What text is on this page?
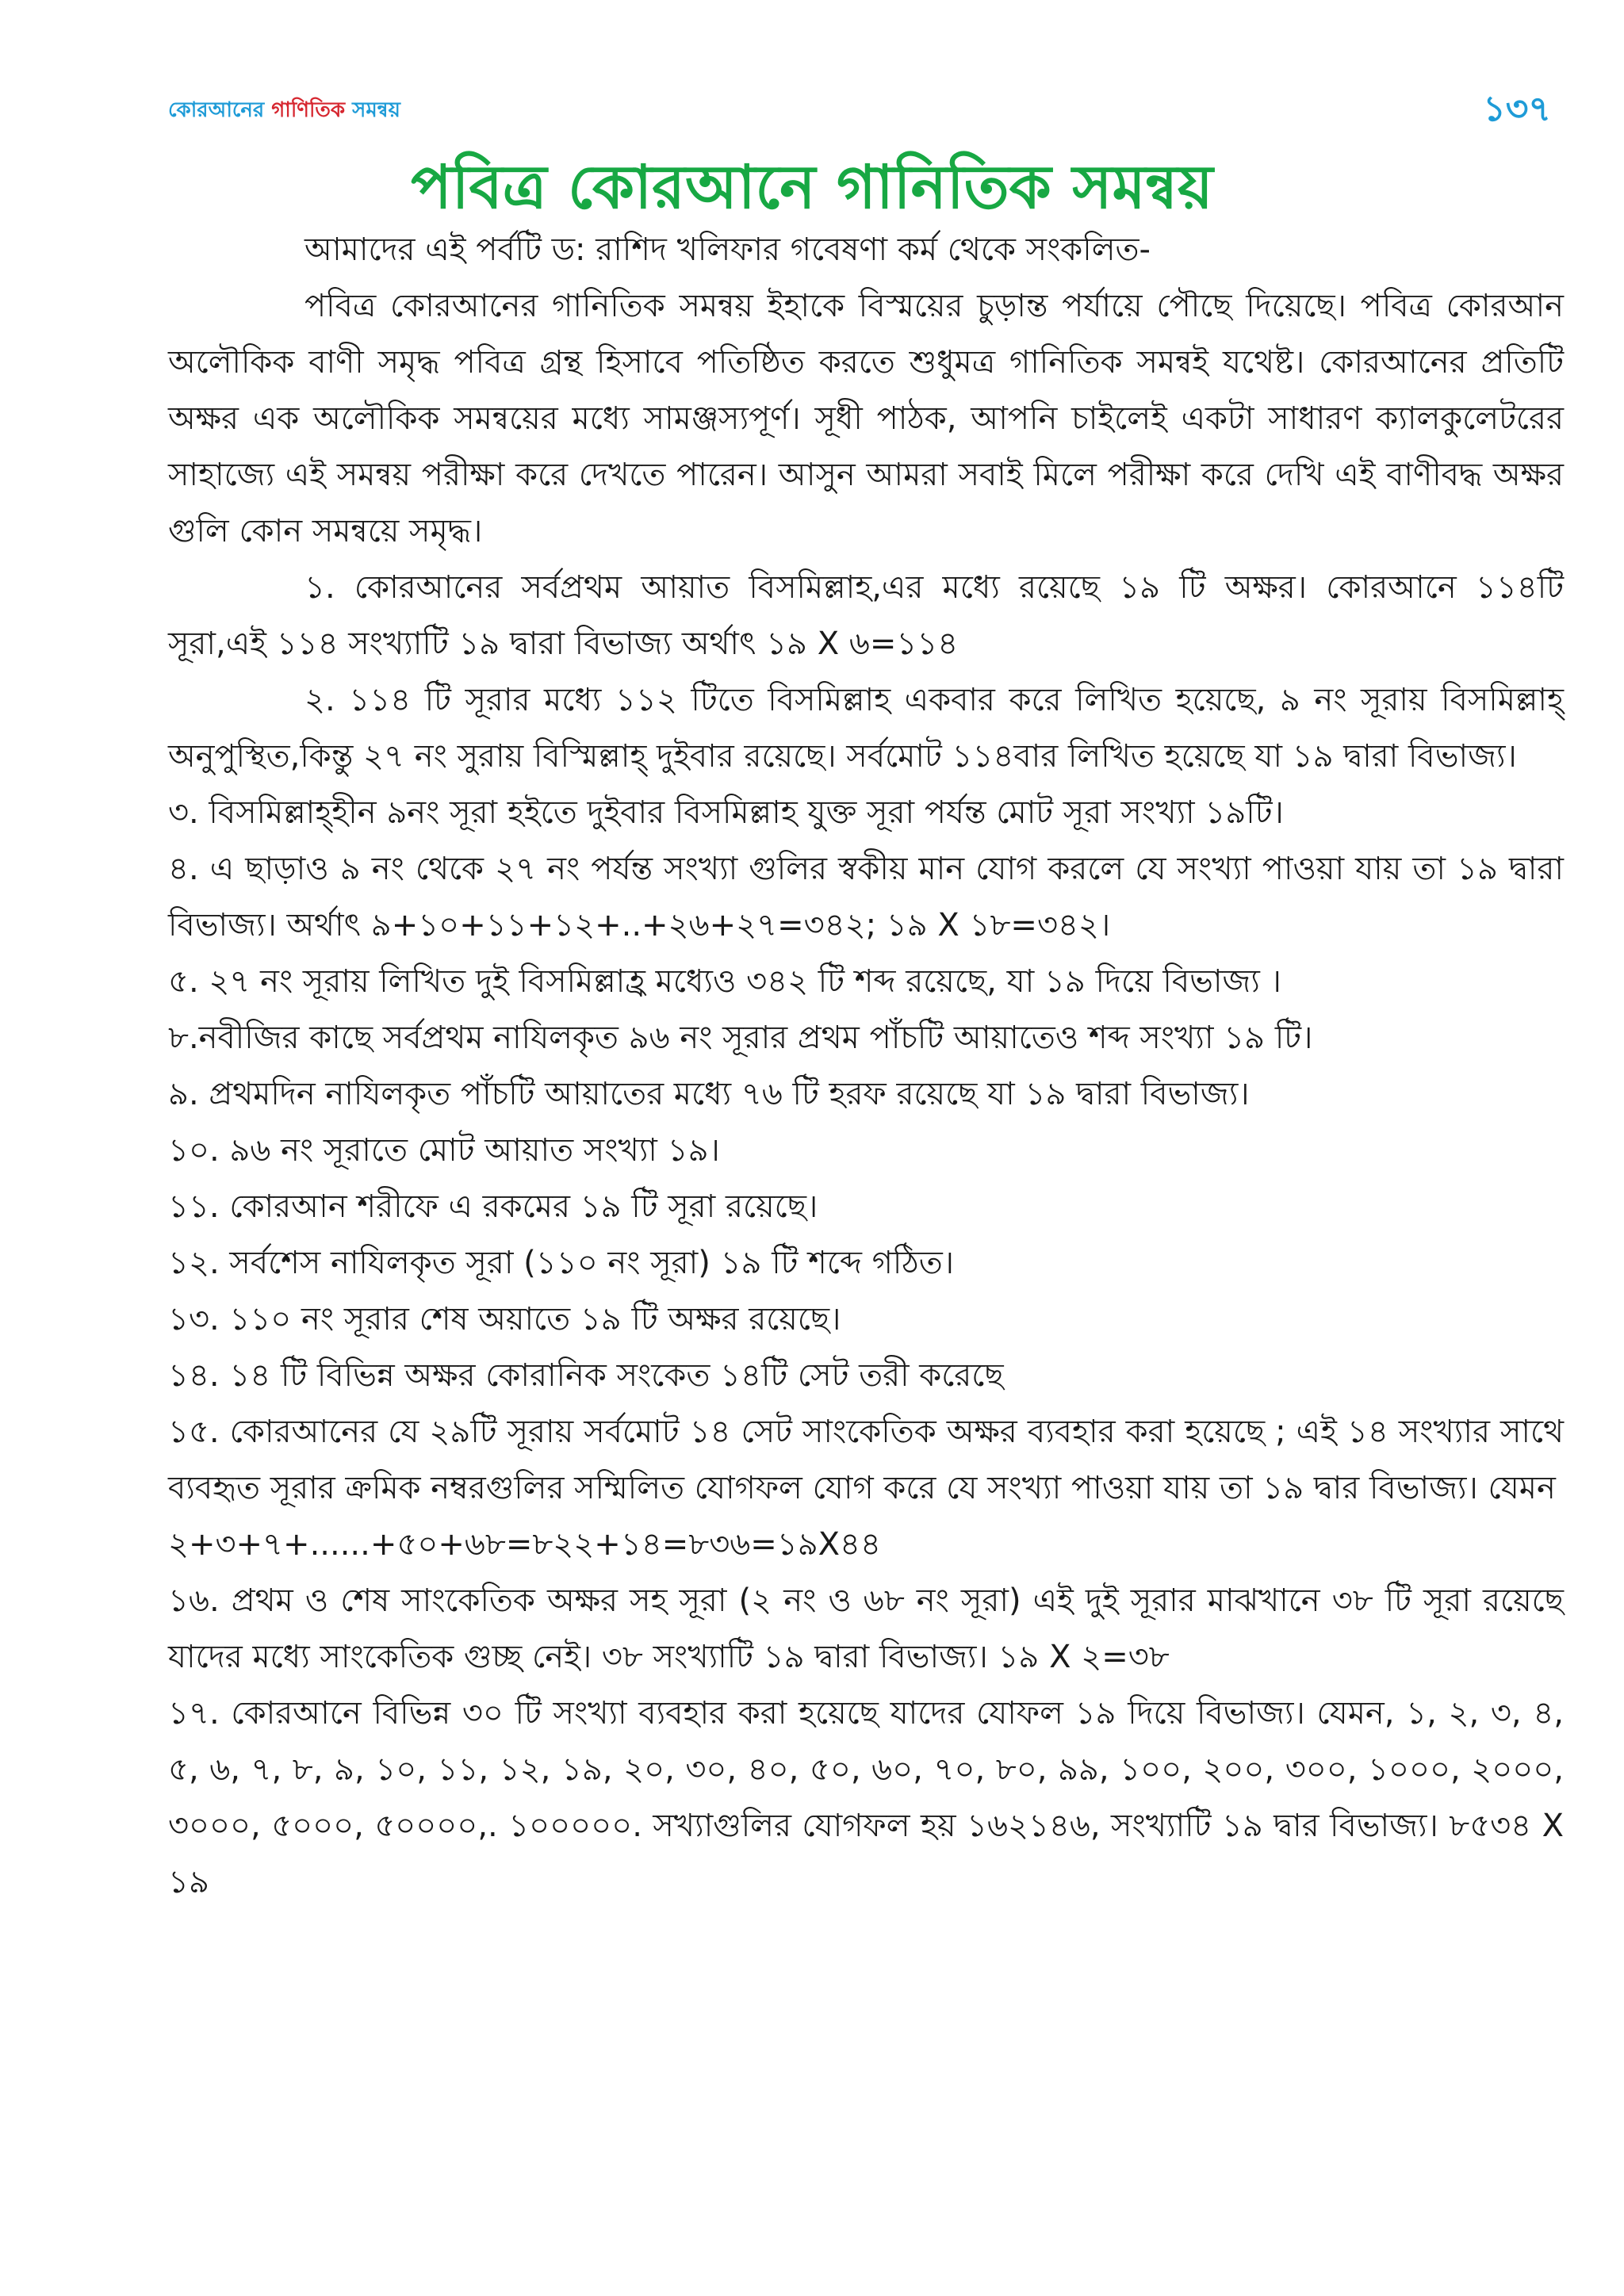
কোরআনের গাণিতিক সমন্বয়	১৩৭
পবিত্র কোরআনে গানিতিক সমন্বয়

আমাদের এই পর্বটি ড: রাশিদ খলিফার গবেষণা কর্ম থেকে সংকলিত-

পবিত্র কোরআনের গানিতিক সমন্বয় ইহাকে বিস্ময়ের চুড়ান্ত পর্যায়ে পৌছে দিয়েছে। পবিত্র কোরআন অলৌকিক বাণী সমৃদ্ধ পবিত্র গ্রন্থ হিসাবে পতিষ্ঠিত করতে শুধুমত্র গানিতিক সমন্বই যথেষ্ট। কোরআনের প্রতিটি অক্ষর এক অলৌকিক সমন্বয়ের মধ্যে সামঞ্জস্যপূর্ণ। সূধী পাঠক, আপনি চাইলেই একটা সাধারণ ক্যালকুলেটরের সাহাজ্যে এই সমন্বয় পরীক্ষা করে দেখতে পারেন। আসুন আমরা সবাই মিলে পরীক্ষা করে দেখি এই বাণীবদ্ধ অক্ষর গুলি কোন সমন্বয়ে সমৃদ্ধ।

১. কোরআনের সর্বপ্রথম আয়াত বিসমিল্লাহ,এর মধ্যে রয়েছে ১৯ টি অক্ষর। কোরআনে ১১৪টি সূরা,এই ১১৪ সংখ্যাটি ১৯ দ্বারা বিভাজ্য অর্থাৎ ১৯ X ৬=১১৪

২. ১১৪ টি সূরার মধ্যে ১১২ টিতে বিসমিল্লাহ একবার করে লিখিত হয়েছে, ৯ নং সূরায় বিসমিল্লাহ্ অনুপুস্থিত,কিন্তু ২৭ নং সুরায় বিস্মিল্লাহ্ দুইবার রয়েছে। সর্বমোট ১১৪বার লিখিত হয়েছে যা ১৯ দ্বারা বিভাজ্য।

৩. বিসমিল্লাহ্হীন ৯নং সূরা হইতে দুইবার বিসমিল্লাহ যুক্ত সূরা পর্যন্ত মোট সূরা সংখ্যা ১৯টি।

৪. এ ছাড়াও ৯ নং থেকে ২৭ নং পর্যন্ত সংখ্যা গুলির স্বকীয় মান যোগ করলে যে সংখ্যা পাওয়া যায় তা ১৯ দ্বারা বিভাজ্য। অর্থাৎ ৯+১০+১১+১২+..+২৬+২৭=৩৪২; ১৯ X ১৮=৩৪২।

৫. ২৭ নং সূরায় লিখিত দুই বিসমিল্লাহ্র মধ্যেও ৩৪২ টি শব্দ রয়েছে, যা ১৯ দিয়ে বিভাজ্য ।

৮.নবীজির কাছে সর্বপ্রথম নাযিলকৃত ৯৬ নং সূরার প্রথম পাঁচটি আয়াতেও শব্দ সংখ্যা ১৯ টি।

৯. প্রথমদিন নাযিলকৃত পাঁচটি আয়াতের মধ্যে ৭৬ টি হরফ রয়েছে যা ১৯ দ্বারা বিভাজ্য।

১০. ৯৬ নং সূরাতে মোট আয়াত সংখ্যা ১৯।

১১. কোরআন শরীফে এ রকমের ১৯ টি সূরা রয়েছে।

১২. সর্বশেস নাযিলকৃত সূরা (১১০ নং সূরা) ১৯ টি শব্দে গঠিত।

১৩. ১১০ নং সূরার শেষ অয়াতে ১৯ টি অক্ষর রয়েছে।

১৪. ১৪ টি বিভিন্ন অক্ষর কোরানিক সংকেত ১৪টি সেট তরী করেছে

১৫. কোরআনের যে ২৯টি সূরায় সর্বমোট ১৪ সেট সাংকেতিক অক্ষর ব্যবহার করা হয়েছে ; এই ১৪ সংখ্যার সাথে ব্যবহৃত সূরার ক্রমিক নম্বরগুলির সম্মিলিত যোগফল যোগ করে যে সংখ্যা পাওয়া যায় তা ১৯ দ্বার বিভাজ্য। যেমন

২+৩+৭+......+৫০+৬৮=৮২২+১৪=৮৩৬=১৯X৪৪

১৬. প্রথম ও শেষ সাংকেতিক অক্ষর সহ সূরা (২ নং ও ৬৮ নং সূরা) এই দুই সূরার মাঝখানে ৩৮ টি সূরা রয়েছে যাদের মধ্যে সাংকেতিক গুচ্ছ নেই। ৩৮ সংখ্যাটি ১৯ দ্বারা বিভাজ্য। ১৯ X ২=৩৮

১৭. কোরআনে বিভিন্ন ৩০ টি সংখ্যা ব্যবহার করা হয়েছে যাদের যোফল ১৯ দিয়ে বিভাজ্য। যেমন, ১, ২, ৩, ৪, ৫, ৬, ৭, ৮, ৯, ১০, ১১, ১২, ১৯, ২০, ৩০, ৪০, ৫০, ৬০, ৭০, ৮০, ৯৯, ১০০, ২০০, ৩০০, ১০০০, ২০০০, ৩০০০, ৫০০০, ৫০০০০,. ১০০০০০. সখ্যাগুলির যোগফল হয় ১৬২১৪৬, সংখ্যাটি ১৯ দ্বার বিভাজ্য। ৮৫৩৪ X ১৯
